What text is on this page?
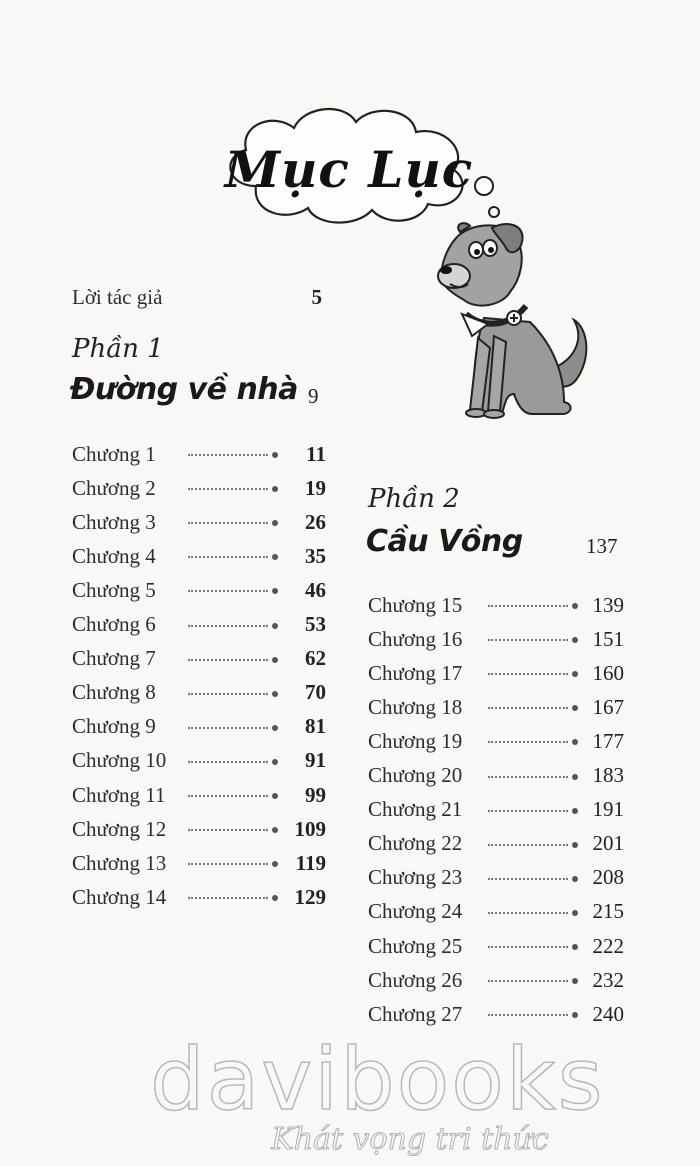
Mục Lục
Lời tác giả	5
Phần 1
Đường về nhà 9
Chương 1	11
Chương 2	19
Chương 3	26
Chương 4	35
Chương 5	46
Chương 6	53
Chương 7	62
Chương 8	70
Chương 9	81
Chương 10	91
Chương 11	99
Chương 12	109
Chương 13	119
Chương 14	129
Phần 2
Cầu Vồng	137
Chương 15	139
Chương 16	151
Chương 17	160
Chương 18	167
Chương 19	177
Chương 20	183
Chương 21	191
Chương 22	201
Chương 23	208
Chương 24	215
Chương 25	222
Chương 26	232
Chương 27	240
davibooks
Khát vọng tri thức
